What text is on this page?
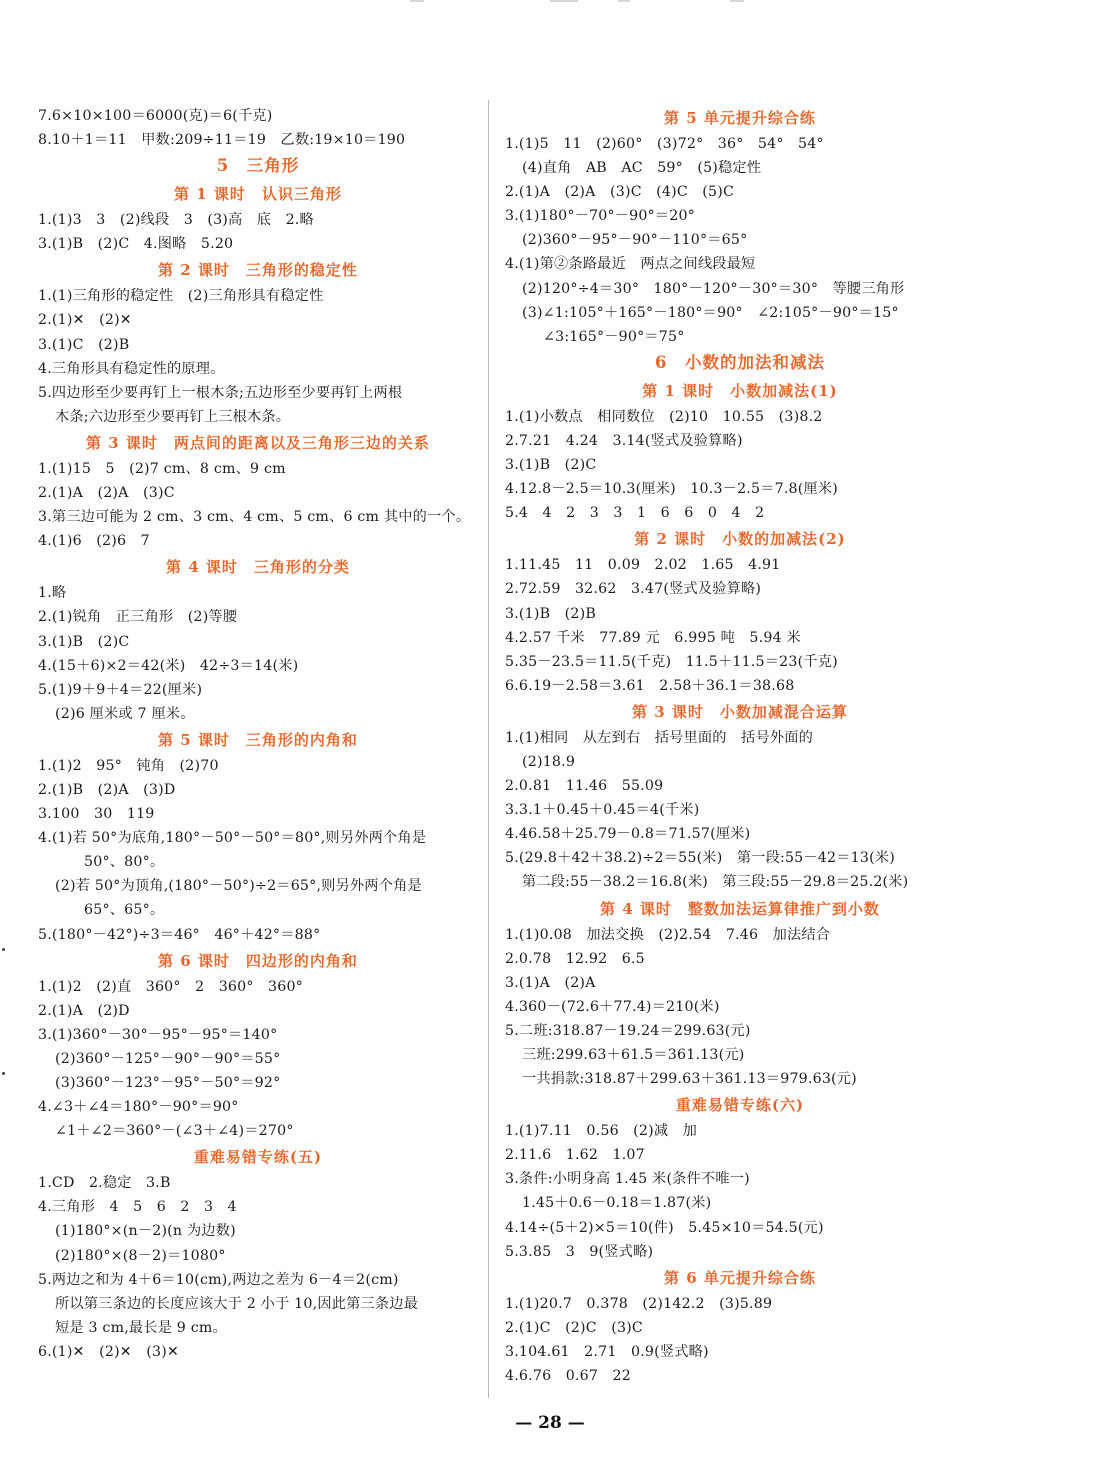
7.6×10×100＝6000(克)＝6(千克)
8.10＋1＝11　甲数:209÷11＝19　乙数:19×10＝190
5　三角形
第 1 课时　认识三角形
1.(1)3　3　(2)线段　3　(3)高　底　2.略
3.(1)B　(2)C　4.图略　5.20
第 2 课时　三角形的稳定性
1.(1)三角形的稳定性　(2)三角形具有稳定性
2.(1)✕　(2)✕
3.(1)C　(2)B
4.三角形具有稳定性的原理。
5.四边形至少要再钉上一根木条;五边形至少要再钉上两根
木条;六边形至少要再钉上三根木条。
第 3 课时　两点间的距离以及三角形三边的关系
1.(1)15　5　(2)7 cm、8 cm、9 cm
2.(1)A　(2)A　(3)C
3.第三边可能为 2 cm、3 cm、4 cm、5 cm、6 cm 其中的一个。
4.(1)6　(2)6　7
第 4 课时　三角形的分类
1.略
2.(1)锐角　正三角形　(2)等腰
3.(1)B　(2)C
4.(15＋6)×2＝42(米)　42÷3＝14(米)
5.(1)9＋9＋4＝22(厘米)
(2)6 厘米或 7 厘米。
第 5 课时　三角形的内角和
1.(1)2　95°　钝角　(2)70
2.(1)B　(2)A　(3)D
3.100　30　119
4.(1)若 50°为底角,180°－50°－50°＝80°,则另外两个角是
50°、80°。
(2)若 50°为顶角,(180°－50°)÷2＝65°,则另外两个角是
65°、65°。
5.(180°－42°)÷3＝46°　46°＋42°＝88°
第 6 课时　四边形的内角和
1.(1)2　(2)直　360°　2　360°　360°
2.(1)A　(2)D
3.(1)360°－30°－95°－95°＝140°
(2)360°－125°－90°－90°＝55°
(3)360°－123°－95°－50°＝92°
4.∠3＋∠4＝180°－90°＝90°
∠1＋∠2＝360°－(∠3＋∠4)＝270°
重难易错专练(五)
1.CD　2.稳定　3.B
4.三角形　4　5　6　2　3　4
(1)180°×(n－2)(n 为边数)
(2)180°×(8－2)＝1080°
5.两边之和为 4＋6＝10(cm),两边之差为 6－4＝2(cm)
所以第三条边的长度应该大于 2 小于 10,因此第三条边最
短是 3 cm,最长是 9 cm。
6.(1)✕　(2)✕　(3)✕
第 5 单元提升综合练
1.(1)5　11　(2)60°　(3)72°　36°　54°　54°
(4)直角　AB　AC　59°　(5)稳定性
2.(1)A　(2)A　(3)C　(4)C　(5)C
3.(1)180°－70°－90°＝20°
(2)360°－95°－90°－110°＝65°
4.(1)第②条路最近　两点之间线段最短
(2)120°÷4＝30°　180°－120°－30°＝30°　等腰三角形
(3)∠1:105°＋165°－180°＝90°　∠2:105°－90°＝15°
∠3:165°－90°＝75°
6　小数的加法和减法
第 1 课时　小数加减法(1)
1.(1)小数点　相同数位　(2)10　10.55　(3)8.2
2.7.21　4.24　3.14(竖式及验算略)
3.(1)B　(2)C
4.12.8－2.5＝10.3(厘米)　10.3－2.5＝7.8(厘米)
5.4　4　2　3　3　1　6　6　0　4　2
第 2 课时　小数的加减法(2)
1.11.45　11　0.09　2.02　1.65　4.91
2.72.59　32.62　3.47(竖式及验算略)
3.(1)B　(2)B
4.2.57 千米　77.89 元　6.995 吨　5.94 米
5.35－23.5＝11.5(千克)　11.5＋11.5＝23(千克)
6.6.19－2.58＝3.61　2.58＋36.1＝38.68
第 3 课时　小数加减混合运算
1.(1)相同　从左到右　括号里面的　括号外面的
(2)18.9
2.0.81　11.46　55.09
3.3.1＋0.45＋0.45＝4(千米)
4.46.58＋25.79－0.8＝71.57(厘米)
5.(29.8＋42＋38.2)÷2＝55(米)　第一段:55－42＝13(米)
第二段:55－38.2＝16.8(米)　第三段:55－29.8＝25.2(米)
第 4 课时　整数加法运算律推广到小数
1.(1)0.08　加法交换　(2)2.54　7.46　加法结合
2.0.78　12.92　6.5
3.(1)A　(2)A
4.360－(72.6＋77.4)＝210(米)
5.二班:318.87－19.24＝299.63(元)
三班:299.63＋61.5＝361.13(元)
一共捐款:318.87＋299.63＋361.13＝979.63(元)
重难易错专练(六)
1.(1)7.11　0.56　(2)减　加
2.11.6　1.62　1.07
3.条件:小明身高 1.45 米(条件不唯一)
1.45＋0.6－0.18＝1.87(米)
4.14÷(5＋2)×5＝10(件)　5.45×10＝54.5(元)
5.3.85　3　9(竖式略)
第 6 单元提升综合练
1.(1)20.7　0.378　(2)142.2　(3)5.89
2.(1)C　(2)C　(3)C
3.104.61　2.71　0.9(竖式略)
4.6.76　0.67　22
— 28 —
